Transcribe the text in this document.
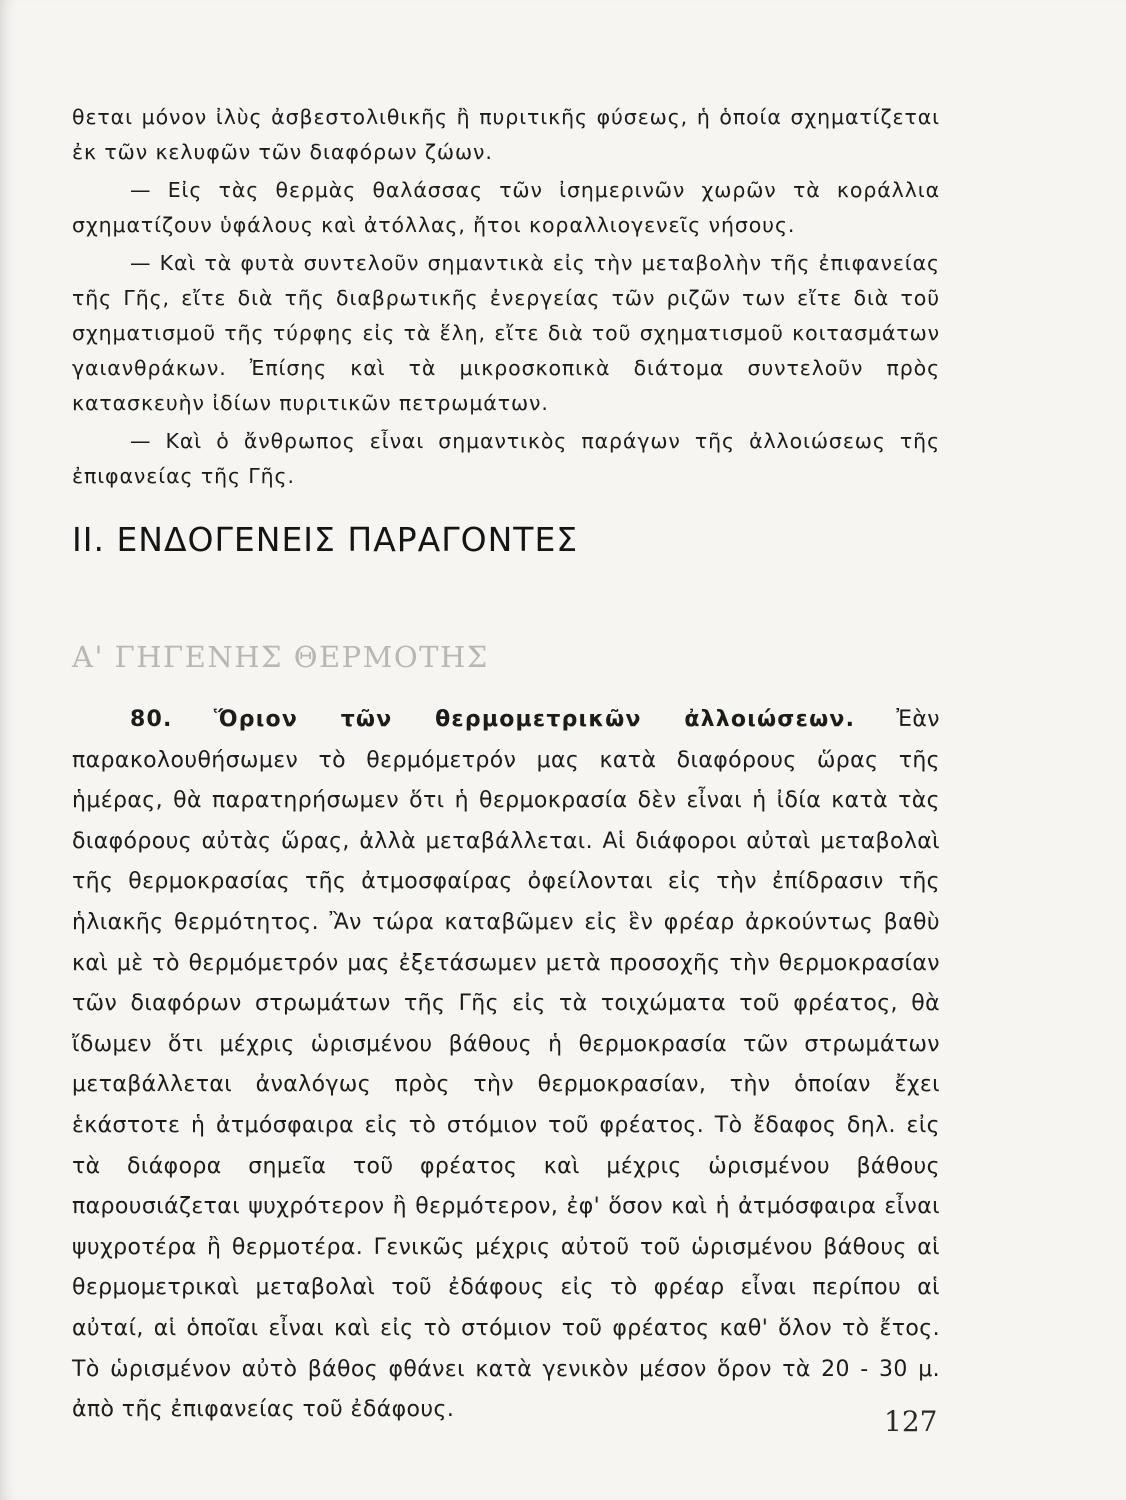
θεται μόνον ἰλὺς ἀσβεστολιθικῆς ἢ πυριτικῆς φύσεως, ἡ ὁποία σχηματίζεται ἐκ τῶν κελυφῶν τῶν διαφόρων ζώων.

— Εἰς τὰς θερμὰς θαλάσσας τῶν ἰσημερινῶν χωρῶν τὰ κοράλλια σχηματίζουν ὑφάλους καὶ ἀτόλλας, ἤτοι κοραλλιογενεῖς νήσους.

— Καὶ τὰ φυτὰ συντελοῦν σημαντικὰ εἰς τὴν μεταβολὴν τῆς ἐπιφανείας τῆς Γῆς, εἴτε διὰ τῆς διαβρωτικῆς ἐνεργείας τῶν ριζῶν των εἴτε διὰ τοῦ σχηματισμοῦ τῆς τύρφης εἰς τὰ ἕλη, εἴτε διὰ τοῦ σχηματισμοῦ κοιτασμάτων γαιανθράκων. Ἐπίσης καὶ τὰ μικροσκοπικὰ διάτομα συντελοῦν πρὸς κατασκευὴν ἰδίων πυριτικῶν πετρωμάτων.

— Καὶ ὁ ἄνθρωπος εἶναι σημαντικὸς παράγων τῆς ἀλλοιώσεως τῆς ἐπιφανείας τῆς Γῆς.

ΙΙ. ΕΝΔΟΓΕΝΕΙΣ ΠΑΡΑΓΟΝΤΕΣ
Α' ΓΗΓΕΝΗΣ ΘΕΡΜΟΤΗΣ

80. Ὅριον τῶν θερμομετρικῶν ἀλλοιώσεων. Ἐὰν παρακολουθήσωμεν τὸ θερμόμετρόν μας κατὰ διαφόρους ὥρας τῆς ἡμέρας, θὰ παρατηρήσωμεν ὅτι ἡ θερμοκρασία δὲν εἶναι ἡ ἰδία κατὰ τὰς διαφόρους αὐτὰς ὥρας, ἀλλὰ μεταβάλλεται. Αἱ διάφοροι αὐταὶ μεταβολαὶ τῆς θερμοκρασίας τῆς ἀτμοσφαίρας ὀφείλονται εἰς τὴν ἐπίδρασιν τῆς ἡλιακῆς θερμότητος. Ἂν τώρα καταβῶμεν εἰς ἓν φρέαρ ἀρκούντως βαθὺ καὶ μὲ τὸ θερμόμετρόν μας ἐξετάσωμεν μετὰ προσοχῆς τὴν θερμοκρασίαν τῶν διαφόρων στρωμάτων τῆς Γῆς εἰς τὰ τοιχώματα τοῦ φρέατος, θὰ ἴδωμεν ὅτι μέχρις ὡρισμένου βάθους ἡ θερμοκρασία τῶν στρωμάτων μεταβάλλεται ἀναλόγως πρὸς τὴν θερμοκρασίαν, τὴν ὁποίαν ἔχει ἑκάστοτε ἡ ἀτμόσφαιρα εἰς τὸ στόμιον τοῦ φρέατος. Τὸ ἔδαφος δηλ. εἰς τὰ διάφορα σημεῖα τοῦ φρέατος καὶ μέχρις ὡρισμένου βάθους παρουσιάζεται ψυχρότερον ἢ θερμότερον, ἐφ' ὅσον καὶ ἡ ἀτμόσφαιρα εἶναι ψυχροτέρα ἢ θερμοτέρα. Γενικῶς μέχρις αὐτοῦ τοῦ ὡρισμένου βάθους αἱ θερμομετρικαὶ μεταβολαὶ τοῦ ἐδάφους εἰς τὸ φρέαρ εἶναι περίπου αἱ αὐταί, αἱ ὁποῖαι εἶναι καὶ εἰς τὸ στόμιον τοῦ φρέατος καθ' ὅλον τὸ ἔτος. Τὸ ὡρισμένον αὐτὸ βάθος φθάνει κατὰ γενικὸν μέσον ὅρον τὰ 20 - 30 μ. ἀπὸ τῆς ἐπιφανείας τοῦ ἐδάφους.	127
